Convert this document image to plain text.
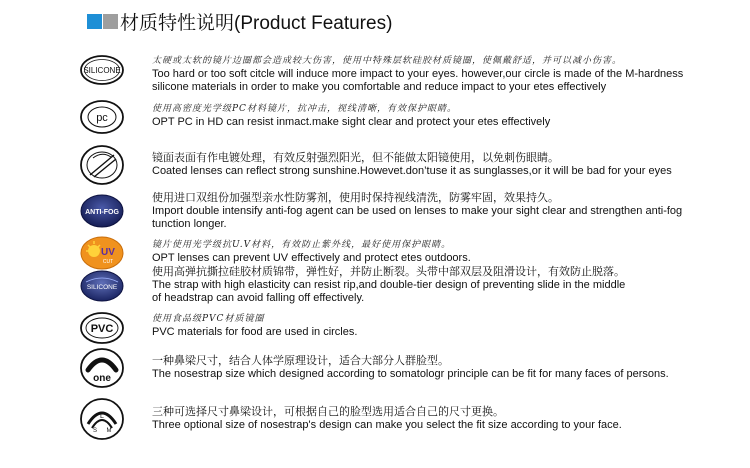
材质特性说明(Product Features)
SILICONE
太硬或太软的镜片边圈都会造成较大伤害，使用中特殊层软硅胶材质镜圈，使佩戴舒适，并可以减小伤害。
Too hard or too soft citcle will induce more impact to your eyes. however,our circle is made of the M-hardness
silicone materials in order to make you comfortable and reduce impact to your etes effectively
pc
使用高密度光学级PC材料镜片，抗冲击，视线清晰，有效保护眼睛。
OPT PC in HD can resist inmact.make sight clear and protect your etes effectively
镜面表面有作电镀处理，有效反射强烈阳光，但不能做太阳镜使用，以免刺伤眼睛。
Coated lenses can reflect strong sunshine.Howevet.don’tuse it as sunglasses,or it will be bad for your eyes
ANTI-FOG
使用进口双组份加强型亲水性防雾剂，使用时保持视线清洗，防雾牢固，效果持久。
Import double intensify anti-fog agent can be used on lenses to make your sight clear and strengthen anti-fog
tunction longer.
UV
CUT
镜片使用光学级抗U.V材料，有效防止紫外线，最好使用保护眼睛。
OPT lenses can prevent UV effectively and protect etes outdoors.
SILICONE
使用高弹抗撕拉硅胶材质锦带，弹性好，并防止断裂。头带中部双层及阻滑设计，有效防止脱落。
The strap with high elasticity can resist rip,and double-tier design of preventing slide in the middle
of headstrap can avoid falling off effectively.
PVC
使用食品级PVC材质镜圈
PVC materials for food are used in circles.
one
一种鼻梁尺寸，结合人体学原理设计，适合大部分人群脸型。
The nosestrap size which designed according to somatologr principle can be fit for many faces of persons.
L
S M
三种可选择尺寸鼻梁设计，可根据自己的脸型选用适合自己的尺寸更换。
Three optional size of nosestrap's design can make you select the fit size according to your face.
